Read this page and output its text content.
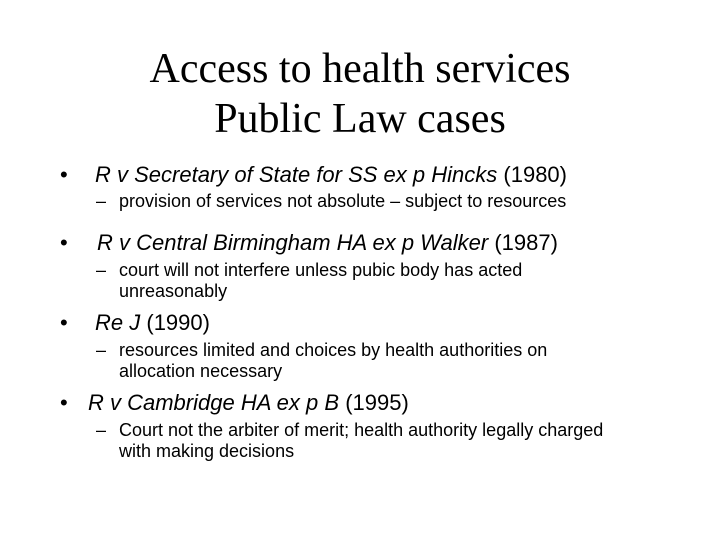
Access to health services
Public Law cases
• R v Secretary of State for SS ex p Hincks (1980)
– provision of services not absolute – subject to resources
• R v Central Birmingham HA ex p Walker (1987)
– court will not interfere unless pubic body has acted
unreasonably
• Re J (1990)
– resources limited and choices by health authorities on
allocation necessary
• R v Cambridge HA ex p B (1995)
– Court not the arbiter of merit; health authority legally charged
with making decisions
